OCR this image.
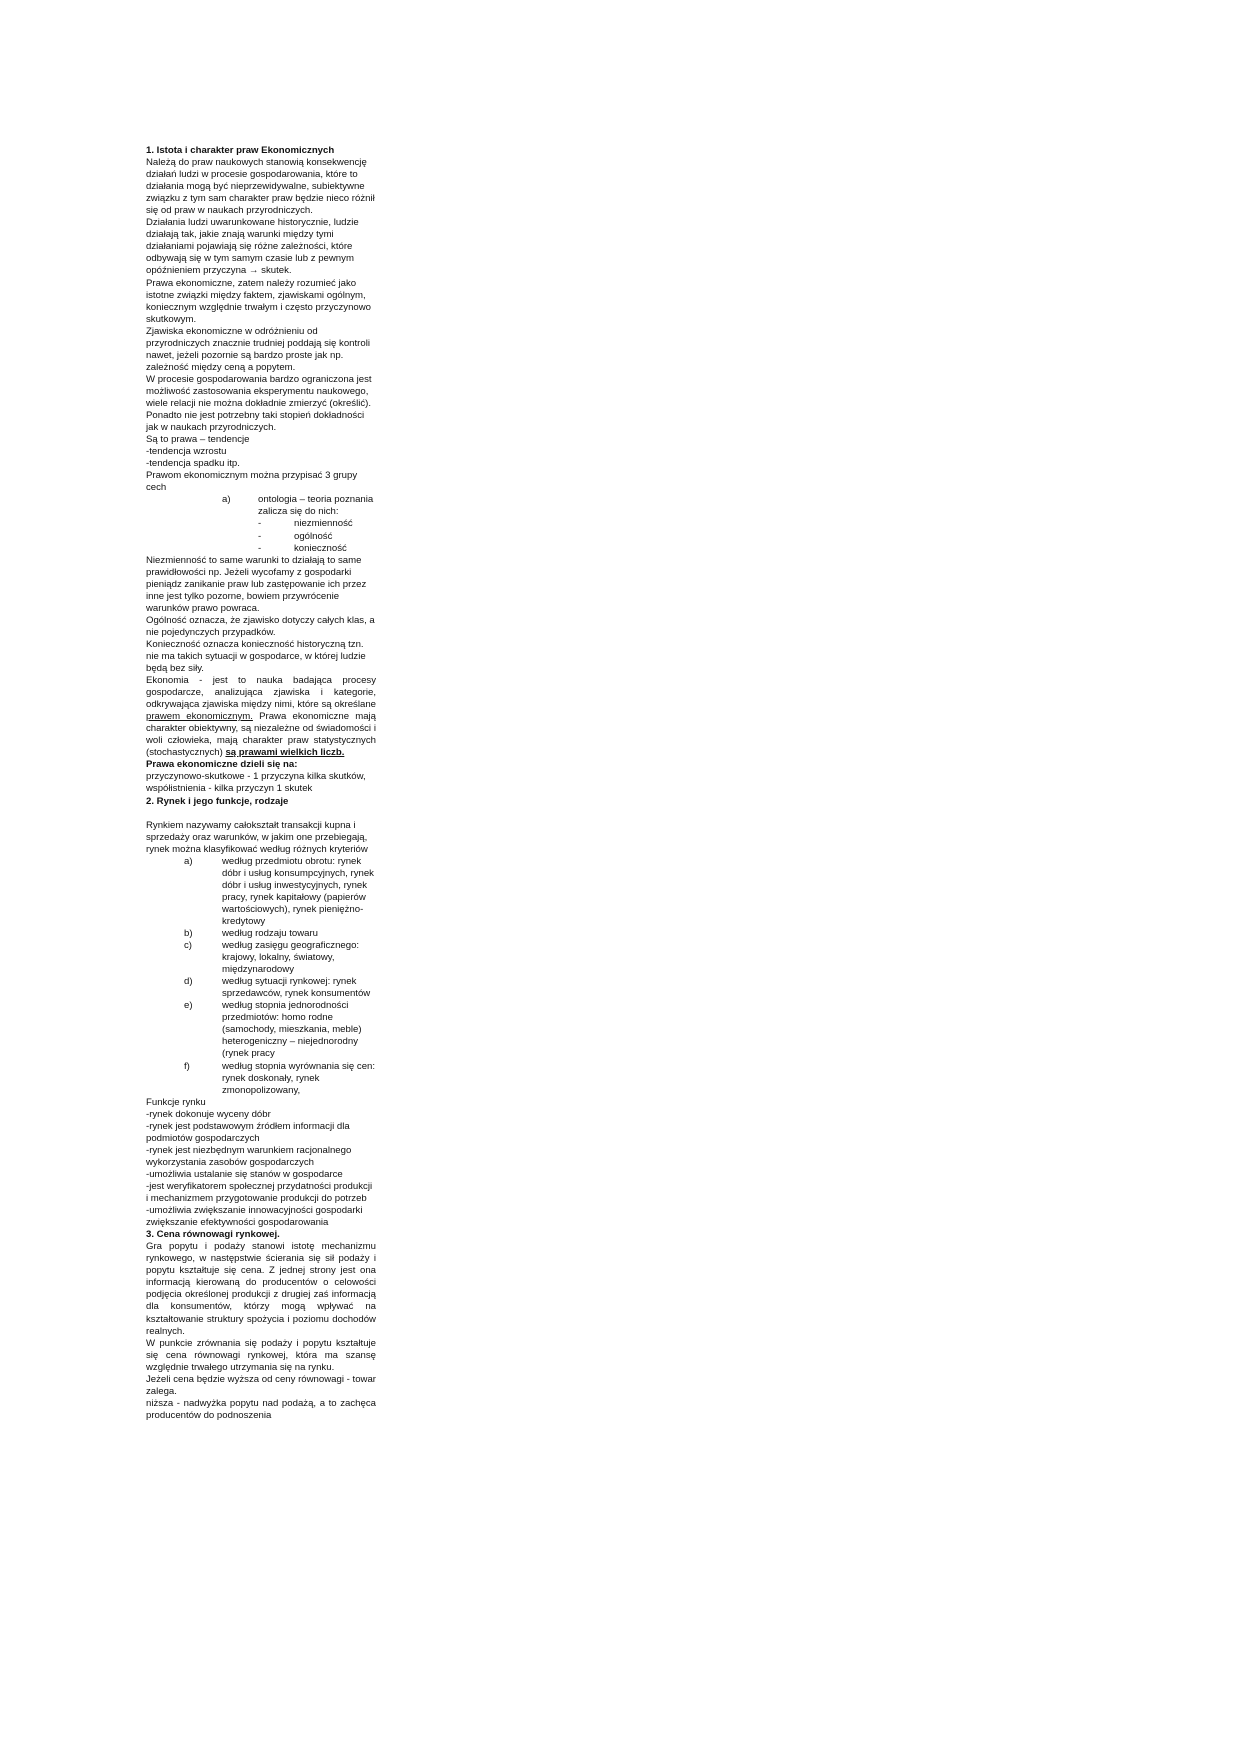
1. Istota i charakter praw Ekonomicznych

Należą do praw naukowych stanowią konsekwencję działań ludzi w procesie gospodarowania, które to działania mogą być nieprzewidywalne, subiektywne związku z tym sam charakter praw będzie nieco różnił się od praw w naukach przyrodniczych.

Działania ludzi uwarunkowane historycznie, ludzie działają tak, jakie znają warunki między tymi działaniami pojawiają się różne zależności, które odbywają się w tym samym czasie lub z pewnym opóźnieniem przyczyna → skutek.

Prawa ekonomiczne, zatem należy rozumieć jako istotne związki między faktem, zjawiskami ogólnym, koniecznym względnie trwałym i często przyczynowo skutkowym.

Zjawiska ekonomiczne w odróżnieniu od przyrodniczych znacznie trudniej poddają się kontroli nawet, jeżeli pozornie są bardzo proste jak np. zależność między ceną a popytem.

W procesie gospodarowania bardzo ograniczona jest możliwość zastosowania eksperymentu naukowego, wiele relacji nie można dokładnie zmierzyć (określić). Ponadto nie jest potrzebny taki stopień dokładności jak w naukach przyrodniczych.

Są to prawa – tendencje

-tendencja wzrostu

-tendencja spadku itp.

Prawom ekonomicznym można przypisać 3 grupy cech

a)	ontologia – teoria poznania zalicza się do nich:
-	niezmienność
-	ogólność
-	konieczność

Niezmienność to same warunki to działają to same prawidłowości np. Jeżeli wycofamy z gospodarki pieniądz zanikanie praw lub zastępowanie ich przez inne jest tylko pozorne, bowiem przywrócenie warunków prawo powraca.

Ogólność oznacza, że zjawisko dotyczy całych klas, a nie pojedynczych przypadków.

Konieczność oznacza konieczność historyczną tzn. nie ma takich sytuacji w gospodarce, w której ludzie będą bez siły.

Ekonomia - jest to nauka badająca procesy gospodarcze, analizująca zjawiska i kategorie, odkrywająca zjawiska między nimi, które są określane prawem ekonomicznym. Prawa ekonomiczne mają charakter obiektywny, są niezależne od świadomości i woli człowieka, mają charakter praw statystycznych (stochastycznych) są prawami wielkich liczb.

Prawa ekonomiczne dzieli się na:

przyczynowo-skutkowe - 1 przyczyna kilka skutków,

współistnienia - kilka przyczyn 1 skutek

2. Rynek i jego funkcje, rodzaje

Rynkiem nazywamy całokształt transakcji kupna i sprzedaży oraz warunków, w jakim one przebiegają, rynek można klasyfikować według różnych kryteriów

a)	według przedmiotu obrotu: rynek dóbr i usług konsumpcyjnych, rynek dóbr i usług inwestycyjnych, rynek pracy, rynek kapitałowy (papierów wartościowych), rynek pieniężno-kredytowy
b)	według rodzaju towaru
c)	według zasięgu geograficznego: krajowy, lokalny, światowy, międzynarodowy
d)	według sytuacji rynkowej: rynek sprzedawców, rynek konsumentów
e)	według stopnia jednorodności przedmiotów: homo rodne (samochody, mieszkania, meble) heterogeniczny – niejednorodny (rynek pracy
f)	według stopnia wyrównania się cen: rynek doskonały, rynek zmonopolizowany,

Funkcje rynku

-rynek dokonuje wyceny dóbr

-rynek jest podstawowym źródłem informacji dla podmiotów gospodarczych

-rynek jest niezbędnym warunkiem racjonalnego wykorzystania zasobów gospodarczych

-umożliwia ustalanie się stanów w gospodarce

-jest weryfikatorem społecznej przydatności produkcji i mechanizmem przygotowanie produkcji do potrzeb

-umożliwia zwiększanie innowacyjności gospodarki zwiększanie efektywności gospodarowania

3. Cena równowagi rynkowej.

Gra popytu i podaży stanowi istotę mechanizmu rynkowego, w następstwie ścierania się sił podaży i popytu kształtuje się cena. Z jednej strony jest ona informacją kierowaną do producentów o celowości podjęcia określonej produkcji z drugiej zaś informacją dla konsumentów, którzy mogą wpływać na kształtowanie struktury spożycia i poziomu dochodów realnych.

W punkcie zrównania się podaży i popytu kształtuje się cena równowagi rynkowej, która ma szansę względnie trwałego utrzymania się na rynku.

Jeżeli cena będzie wyższa od ceny równowagi - towar zalega.

niższa - nadwyżka popytu nad podażą, a to zachęca producentów do podnoszenia
